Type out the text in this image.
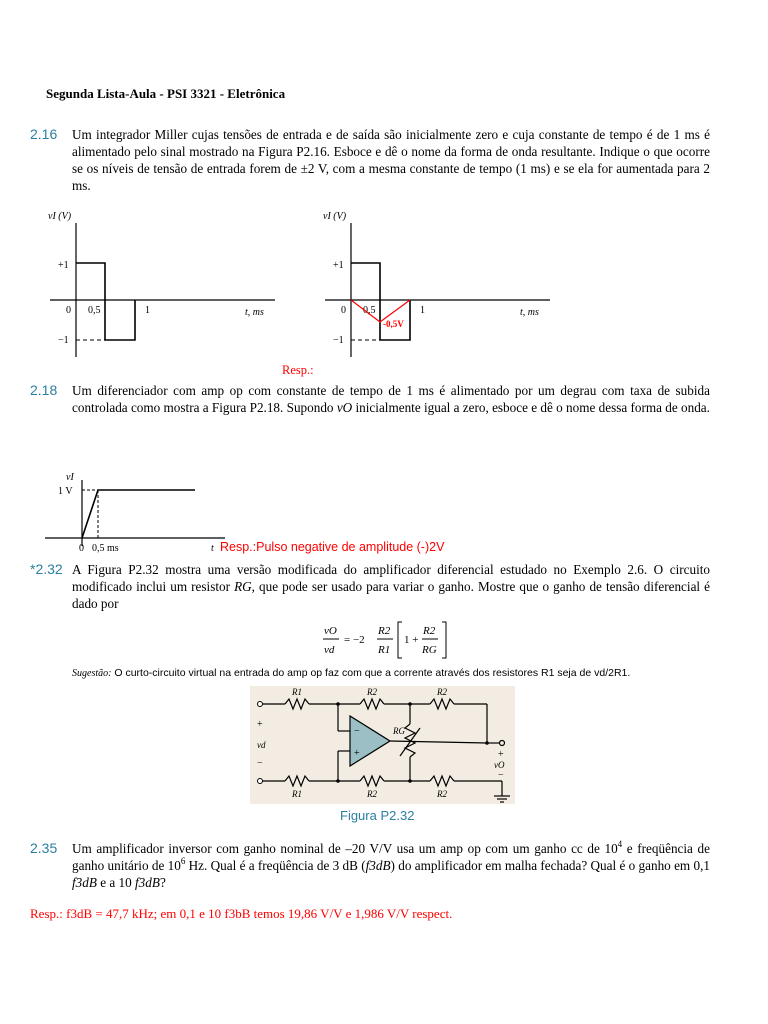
Segunda Lista-Aula - PSI 3321 - Eletrônica
2.16 Um integrador Miller cujas tensões de entrada e de saída são inicialmente zero e cuja constante de tempo é de 1 ms é alimentado pelo sinal mostrado na Figura P2.16. Esboce e dê o nome da forma de onda resultante. Indique o que ocorre se os níveis de tensão de entrada forem de ±2 V, com a mesma constante de tempo (1 ms) e se ela for aumentada para 2 ms.
vI (V)
+1
−1
0 0,5	1	t, ms
vI (V)
+1
−1
0 0,5	1	t, ms
-0,5V
Resp.:
2.18 Um diferenciador com amp op com constante de tempo de 1 ms é alimentado por um degrau com taxa de subida controlada como mostra a Figura P2.18. Supondo vO inicialmente igual a zero, esboce e dê o nome dessa forma de onda.
vI
1 V
0 0,5 ms	t Resp.:Pulso negative de amplitude (-)2V
*2.32 A Figura P2.32 mostra uma versão modificada do amplificador diferencial estudado no Exemplo 2.6. O circuito modificado inclui um resistor RG, que pode ser usado para variar o ganho. Mostre que o ganho de tensão diferencial é dado por
vO
vd
= −2
R2
R1
1 +
R2
RG
Sugestão: O curto-circuito virtual na entrada do amp op faz com que a corrente através dos resistores R1 seja de vd/2R1.
R1	R2	R2
R1	R2	R2
RG
vd
vO
+
−
+
−
−
+
Figura P2.32
2.35 Um amplificador inversor com ganho nominal de –20 V/V usa um amp op com um ganho cc de $10^4$ e freqüência de ganho unitário de $10^6$ Hz. Qual é a freqüência de 3 dB (f3dB) do amplificador em malha fechada? Qual é o ganho em 0,1 f3dB e a 10 f3dB?
Resp.: f3dB = 47,7 kHz; em 0,1 e 10 f3bB temos 19,86 V/V e 1,986 V/V respect.
